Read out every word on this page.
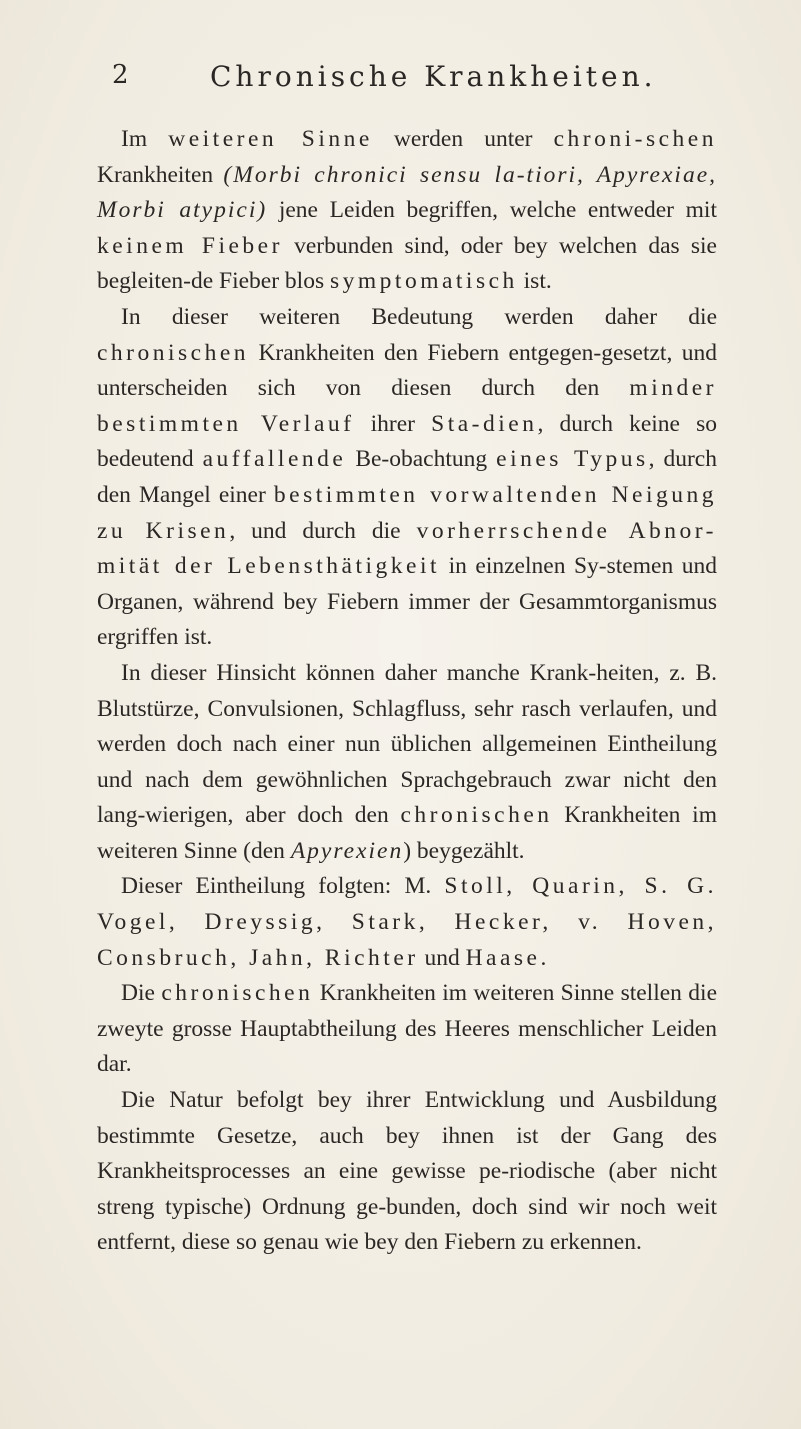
2	Chronische Krankheiten.

Im weiteren Sinne werden unter chroni-schen Krankheiten (Morbi chronici sensu la-tiori, Apyrexiae, Morbi atypici) jene Leiden begriffen, welche entweder mit keinem Fieber verbunden sind, oder bey welchen das sie begleiten-de Fieber blos symptomatisch ist.

In dieser weiteren Bedeutung werden daher die chronischen Krankheiten den Fiebern entgegen-gesetzt, und unterscheiden sich von diesen durch den minder bestimmten Verlauf ihrer Sta-dien, durch keine so bedeutend auffallende Be-obachtung eines Typus, durch den Mangel einer bestimmten vorwaltenden Neigung zu Krisen, und durch die vorherrschende Abnor-mität der Lebensthätigkeit in einzelnen Sy-stemen und Organen, während bey Fiebern immer der Gesammtorganismus ergriffen ist.

In dieser Hinsicht können daher manche Krank-heiten, z. B. Blutstürze, Convulsionen, Schlagfluss, sehr rasch verlaufen, und werden doch nach einer nun üblichen allgemeinen Eintheilung und nach dem gewöhnlichen Sprachgebrauch zwar nicht den lang-wierigen, aber doch den chronischen Krankheiten im weiteren Sinne (den Apyrexien) beygezählt.

Dieser Eintheilung folgten: M. Stoll, Quarin, S. G. Vogel, Dreyssig, Stark, Hecker, v. Hoven, Consbruch, Jahn, Richter und Haase.

Die chronischen Krankheiten im weiteren Sinne stellen die zweyte grosse Hauptabtheilung des Heeres menschlicher Leiden dar.

Die Natur befolgt bey ihrer Entwicklung und Ausbildung bestimmte Gesetze, auch bey ihnen ist der Gang des Krankheitsprocesses an eine gewisse pe-riodische (aber nicht streng typische) Ordnung ge-bunden, doch sind wir noch weit entfernt, diese so genau wie bey den Fiebern zu erkennen.
